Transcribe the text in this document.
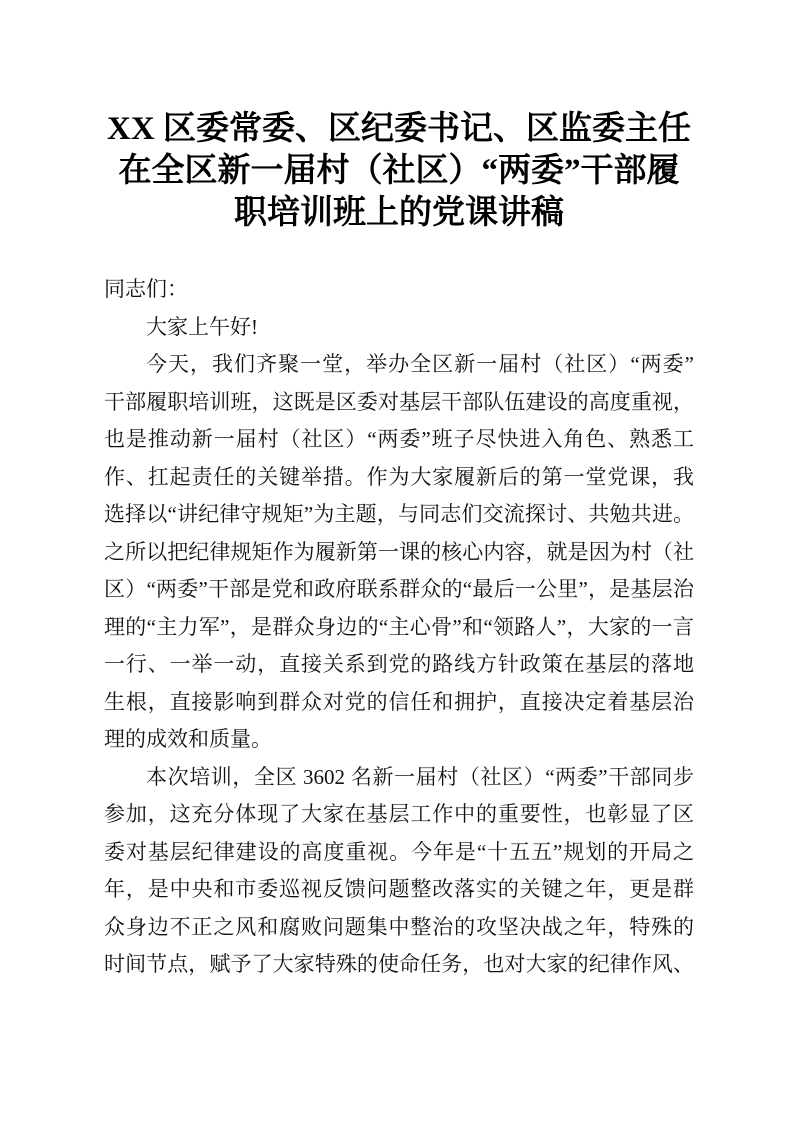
XX 区委常委、区纪委书记、区监委主任
在全区新一届村（社区）“两委”干部履
职培训班上的党课讲稿
同志们：
大家上午好!
今天，我们齐聚一堂，举办全区新一届村（社区）“两委”
干部履职培训班，这既是区委对基层干部队伍建设的高度重视，
也是推动新一届村（社区）“两委”班子尽快进入角色、熟悉工
作、扛起责任的关键举措。作为大家履新后的第一堂党课，我
选择以“讲纪律守规矩”为主题，与同志们交流探讨、共勉共进。
之所以把纪律规矩作为履新第一课的核心内容，就是因为村（社
区）“两委”干部是党和政府联系群众的“最后一公里”，是基层治
理的“主力军”，是群众身边的“主心骨”和“领路人”，大家的一言
一行、一举一动，直接关系到党的路线方针政策在基层的落地
生根，直接影响到群众对党的信任和拥护，直接决定着基层治
理的成效和质量。
本次培训，全区 3602 名新一届村（社区）“两委”干部同步
参加，这充分体现了大家在基层工作中的重要性，也彰显了区
委对基层纪律建设的高度重视。今年是“十五五”规划的开局之
年，是中央和市委巡视反馈问题整改落实的关键之年，更是群
众身边不正之风和腐败问题集中整治的攻坚决战之年，特殊的
时间节点，赋予了大家特殊的使命任务，也对大家的纪律作风、
